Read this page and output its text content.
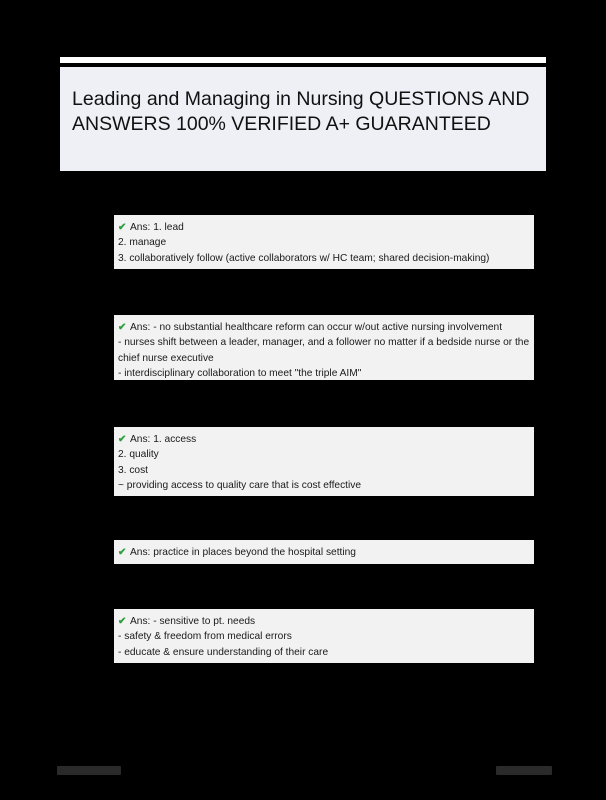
Leading and Managing in Nursing QUESTIONS AND ANSWERS 100% VERIFIED A+ GUARANTEED
✔ Ans: 1. lead
2. manage
3. collaboratively follow (active collaborators w/ HC team; shared decision-making)
✔ Ans: - no substantial healthcare reform can occur w/out active nursing involvement
- nurses shift between a leader, manager, and a follower no matter if a bedside nurse or the chief nurse executive
- interdisciplinary collaboration to meet "the triple AIM"
✔ Ans: 1. access
2. quality
3. cost
~ providing access to quality care that is cost effective
✔ Ans: practice in places beyond the hospital setting
✔ Ans: - sensitive to pt. needs
- safety & freedom from medical errors
- educate & ensure understanding of their care
